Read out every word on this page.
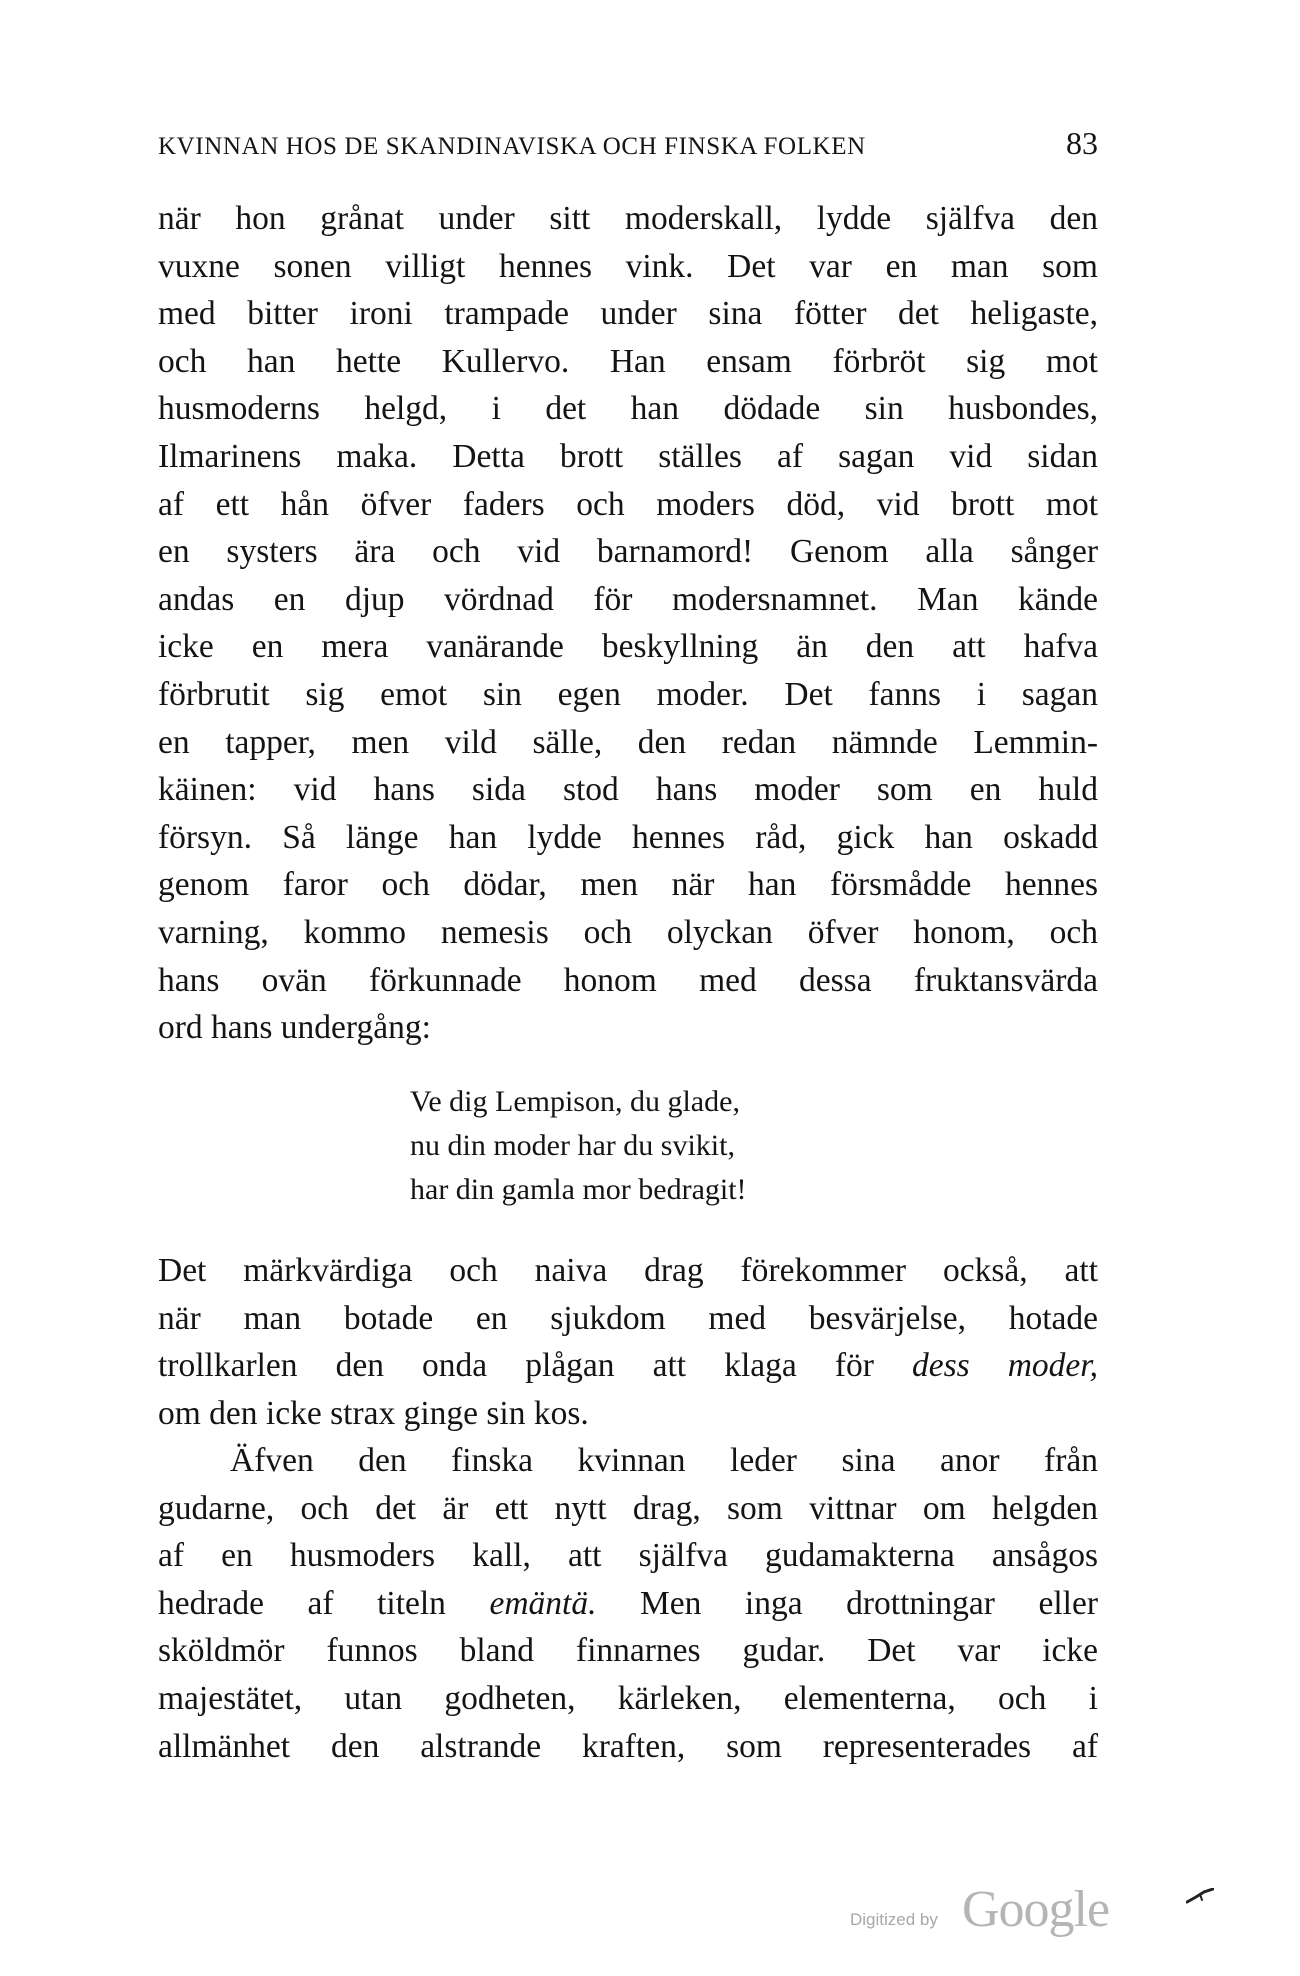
KVINNAN HOS DE SKANDINAVISKA OCH FINSKA FOLKEN	83
när hon grånat under sitt moderskall, lydde själfva den
vuxne sonen villigt hennes vink. Det var en man som
med bitter ironi trampade under sina fötter det heligaste,
och han hette Kullervo. Han ensam förbröt sig mot
husmoderns helgd, i det han dödade sin husbondes,
Ilmarinens maka. Detta brott ställes af sagan vid sidan
af ett hån öfver faders och moders död, vid brott mot
en systers ära och vid barnamord! Genom alla sånger
andas en djup vördnad för modersnamnet. Man kände
icke en mera vanärande beskyllning än den att hafva
förbrutit sig emot sin egen moder. Det fanns i sagan
en tapper, men vild sälle, den redan nämnde Lemmin-
käinen: vid hans sida stod hans moder som en huld
försyn. Så länge han lydde hennes råd, gick han oskadd
genom faror och dödar, men när han försmådde hennes
varning, kommo nemesis och olyckan öfver honom, och
hans ovän förkunnade honom med dessa fruktansvärda
ord hans undergång:
Ve dig Lempison, du glade,
nu din moder har du svikit,
har din gamla mor bedragit!
Det märkvärdiga och naiva drag förekommer också, att
när man botade en sjukdom med besvärjelse, hotade
trollkarlen den onda plågan att klaga för dess moder,
om den icke strax ginge sin kos.
Äfven den finska kvinnan leder sina anor från
gudarne, och det är ett nytt drag, som vittnar om helgden
af en husmoders kall, att själfva gudamakterna ansågos
hedrade af titeln emäntä. Men inga drottningar eller
sköldmör funnos bland finnarnes gudar. Det var icke
majestätet, utan godheten, kärleken, elementerna, och i
allmänhet den alstrande kraften, som representerades af
Digitized by Google
